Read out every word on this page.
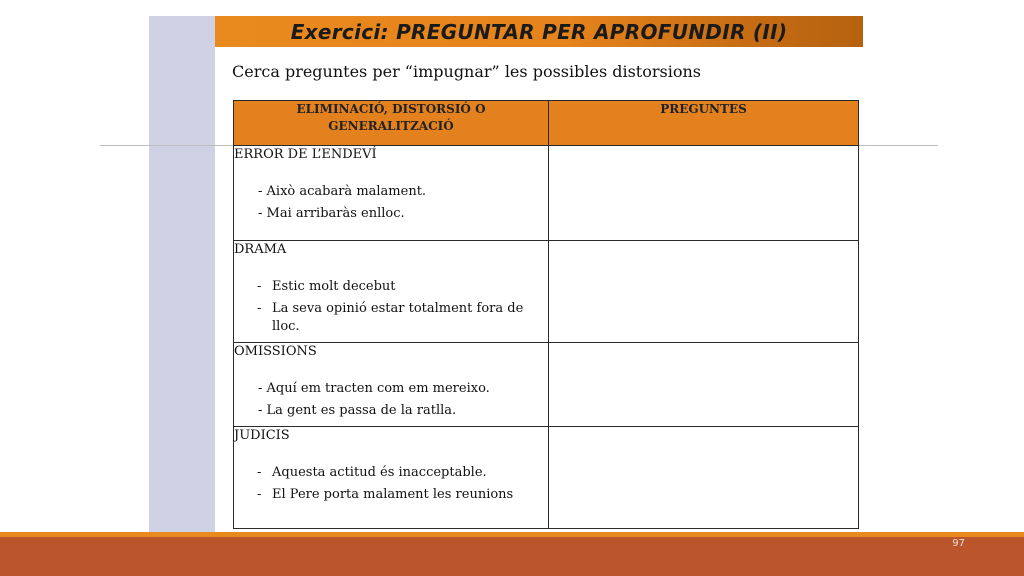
Exercici: PREGUNTAR PER APROFUNDIR (II)
Cerca preguntes per “impugnar” les possibles distorsions
ELIMINACIÓ, DISTORSIÓ O GENERALITZACIÓ	PREGUNTES

ERROR DE L’ENDEVÍ
- Això acabarà malament.
- Mai arribaràs enlloc.	

DRAMA
- Estic molt decebut
- La seva opinió estar totalment fora de lloc.	

OMISSIONS
- Aquí em tracten com em mereixo.
- La gent es passa de la ratlla.	

JUDICIS
- Aquesta actitud és inacceptable.
- El Pere porta malament les reunions	

97
